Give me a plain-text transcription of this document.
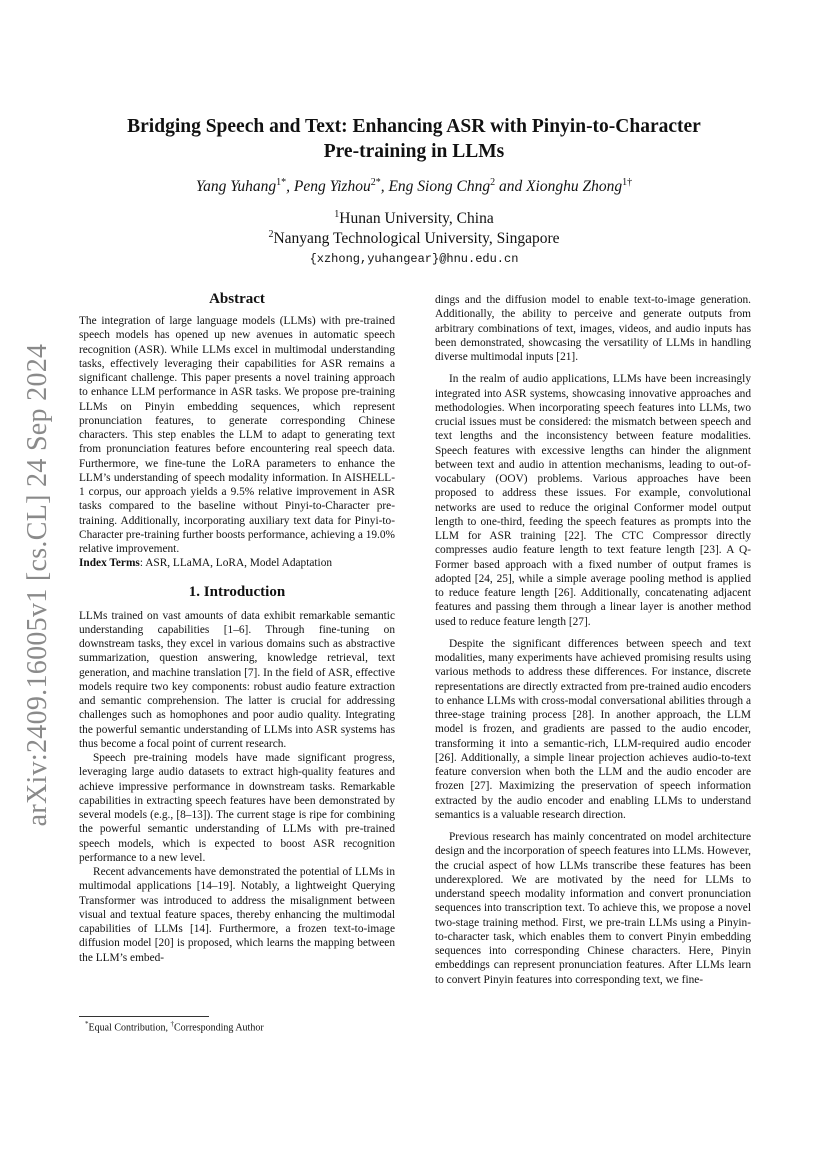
arXiv:2409.16005v1 [cs.CL] 24 Sep 2024
Bridging Speech and Text: Enhancing ASR with Pinyin-to-Character
Pre-training in LLMs
Yang Yuhang$^{1*}$, Peng Yizhou$^{2*}$, Eng Siong Chng$^2$ and Xionghu Zhong$^{1\dagger}$
$^1$Hunan University, China
$^2$Nanyang Technological University, Singapore
{xzhong,yuhangear}@hnu.edu.cn
Abstract

The integration of large language models (LLMs) with pre-trained speech models has opened up new avenues in automatic speech recognition (ASR). While LLMs excel in multimodal understanding tasks, effectively leveraging their capabilities for ASR remains a significant challenge. This paper presents a novel training approach to enhance LLM performance in ASR tasks. We propose pre-training LLMs on Pinyin embedding sequences, which represent pronunciation features, to generate corresponding Chinese characters. This step enables the LLM to adapt to generating text from pronunciation features before encountering real speech data. Furthermore, we fine-tune the LoRA parameters to enhance the LLM’s understanding of speech modality information. In AISHELL-1 corpus, our approach yields a 9.5% relative improvement in ASR tasks compared to the baseline without Pinyi-to-Character pre-training. Additionally, incorporating auxiliary text data for Pinyi-to-Character pre-training further boosts performance, achieving a 19.0% relative improvement.

Index Terms: ASR, LLaMA, LoRA, Model Adaptation

1. Introduction

LLMs trained on vast amounts of data exhibit remarkable semantic understanding capabilities [1–6]. Through fine-tuning on downstream tasks, they excel in various domains such as abstractive summarization, question answering, knowledge retrieval, text generation, and machine translation [7]. In the field of ASR, effective models require two key components: robust audio feature extraction and semantic comprehension. The latter is crucial for addressing challenges such as homophones and poor audio quality. Integrating the powerful semantic understanding of LLMs into ASR systems has thus become a focal point of current research.

Speech pre-training models have made significant progress, leveraging large audio datasets to extract high-quality features and achieve impressive performance in downstream tasks. Remarkable capabilities in extracting speech features have been demonstrated by several models (e.g., [8–13]). The current stage is ripe for combining the powerful semantic understanding of LLMs with pre-trained speech models, which is expected to boost ASR recognition performance to a new level.

Recent advancements have demonstrated the potential of LLMs in multimodal applications [14–19]. Notably, a lightweight Querying Transformer was introduced to address the misalignment between visual and textual feature spaces, thereby enhancing the multimodal capabilities of LLMs [14]. Furthermore, a frozen text-to-image diffusion model [20] is proposed, which learns the mapping between the LLM’s embed-

dings and the diffusion model to enable text-to-image generation. Additionally, the ability to perceive and generate outputs from arbitrary combinations of text, images, videos, and audio inputs has been demonstrated, showcasing the versatility of LLMs in handling diverse multimodal inputs [21].

In the realm of audio applications, LLMs have been increasingly integrated into ASR systems, showcasing innovative approaches and methodologies. When incorporating speech features into LLMs, two crucial issues must be considered: the mismatch between speech and text lengths and the inconsistency between feature modalities. Speech features with excessive lengths can hinder the alignment between text and audio in attention mechanisms, leading to out-of-vocabulary (OOV) problems. Various approaches have been proposed to address these issues. For example, convolutional networks are used to reduce the original Conformer model output length to one-third, feeding the speech features as prompts into the LLM for ASR training [22]. The CTC Compressor directly compresses audio feature length to text feature length [23]. A Q-Former based approach with a fixed number of output frames is adopted [24, 25], while a simple average pooling method is applied to reduce feature length [26]. Additionally, concatenating adjacent features and passing them through a linear layer is another method used to reduce feature length [27].

Despite the significant differences between speech and text modalities, many experiments have achieved promising results using various methods to address these differences. For instance, discrete representations are directly extracted from pre-trained audio encoders to enhance LLMs with cross-modal conversational abilities through a three-stage training process [28]. In another approach, the LLM model is frozen, and gradients are passed to the audio encoder, transforming it into a semantic-rich, LLM-required audio encoder [26]. Additionally, a simple linear projection achieves audio-to-text feature conversion when both the LLM and the audio encoder are frozen [27]. Maximizing the preservation of speech information extracted by the audio encoder and enabling LLMs to understand semantics is a valuable research direction.

Previous research has mainly concentrated on model architecture design and the incorporation of speech features into LLMs. However, the crucial aspect of how LLMs transcribe these features has been underexplored. We are motivated by the need for LLMs to understand speech modality information and convert pronunciation sequences into transcription text. To achieve this, we propose a novel two-stage training method. First, we pre-train LLMs using a Pinyin-to-character task, which enables them to convert Pinyin embedding sequences into corresponding Chinese characters. Here, Pinyin embeddings can represent pronunciation features. After LLMs learn to convert Pinyin features into corresponding text, we fine-

*Equal Contribution, †Corresponding Author
